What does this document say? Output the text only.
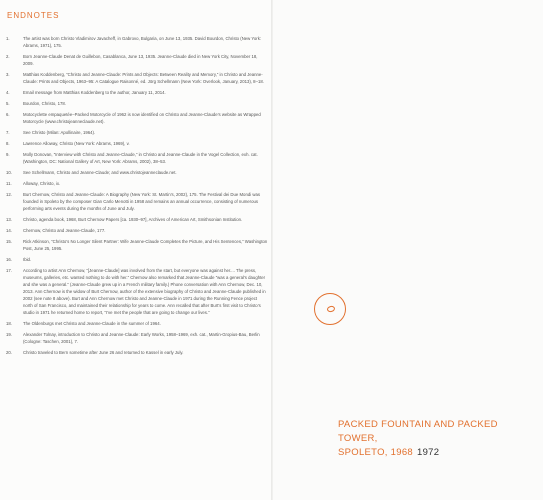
ENDNOTES
1.	The artist was born Christo Vladimirov Javacheff, in Gabrovo, Bulgaria, on June 13, 1935. David Bourdon, Christo (New York: Abrams, 1971), 175.
2.	Born Jeanne-Claude Denat de Guillebon, Casablanca, June 13, 1935. Jeanne-Claude died in New York City, November 18, 2009.
3.	Matthias Koddenberg, “Christo and Jeanne-Claude: Prints and Objects: Between Reality and Memory,” in Christo and Jeanne-Claude: Prints and Objects, 1963–95: A Catalogue Raisonné, ed. Jörg Schellmann (New York: Overlook, January, 2013), 8–18.
4.	Email message from Matthias Koddenberg to the author, January 11, 2014.
5.	Bourdon, Christo, 178.
6.	Motocyclette empaquetée–Packed Motorcycle of 1962 is now identified on Christo and Jeanne-Claude’s website as Wrapped Motorcycle (www.christojeanneclaude.net).
7.	See Christo (Milan: Apollinaire, 1964).
8.	Lawrence Alloway, Christo (New York: Abrams, 1969), v.
9.	Molly Donovan, “Interview with Christo and Jeanne-Claude,” in Christo and Jeanne-Claude in the Vogel Collection, exh. cat. (Washington, DC: National Gallery of Art, New York: Abrams, 2002), 38–53.
10.	See Schellmann, Christo and Jeanne-Claude; and www.christojeanneclaude.net.
11.	Alloway, Christo, ix.
12.	Burt Chernow, Christo and Jeanne-Claude: A Biography (New York: St. Martin’s, 2002), 175. The Festival dei Due Mondi was founded in Spoleto by the composer Gian Carlo Menotti in 1958 and remains an annual occurrence, consisting of numerous performing arts events during the months of June and July.
13.	Christo, agenda book, 1968, Burt Chernow Papers [ca. 1930–97], Archives of American Art, Smithsonian Institution.
14.	Chernow, Christo and Jeanne-Claude, 177.
15.	Rick Atkinson, “Christo’s No Longer Silent Partner: Wife Jeanne-Claude Completes the Picture, and His Sentences,” Washington Post, June 25, 1995.
16.	Ibid.
17.	According to artist Ann Chernow, “[Jeanne-Claude] was involved from the start, but everyone was against her.... The press, museums, galleries, etc. wanted nothing to do with her.” Chernow also remarked that Jeanne-Claude “was a general’s daughter and she was a general.” (Jeanne-Claude grew up in a French military family.) Phone conversation with Ann Chernow, Dec. 10, 2013. Ann Chernow is the widow of Burt Chernow, author of the extensive biography of Christo and Jeanne-Claude published in 2002 (see note 8 above). Burt and Ann Chernow met Christo and Jeanne-Claude in 1971 during the Running Fence project north of San Francisco, and maintained their relationship for years to come. Ann recalled that after Burt’s first visit to Christo’s studio in 1971 he returned home to report, “I’ve met the people that are going to change our lives.”
18.	The Oldenburgs met Christo and Jeanne-Claude in the summer of 1964.
19.	Alexander Tolnay, introduction to Christo and Jeanne-Claude: Early Works, 1958–1969, exh. cat., Martin-Gropius-Bau, Berlin (Cologne: Taschen, 2001), 7.
20.	Christo traveled to Bern sometime after June 26 and returned to Kassel in early July.
PACKED FOUNTAIN AND PACKED TOWER,
SPOLETO, 1968 1972
